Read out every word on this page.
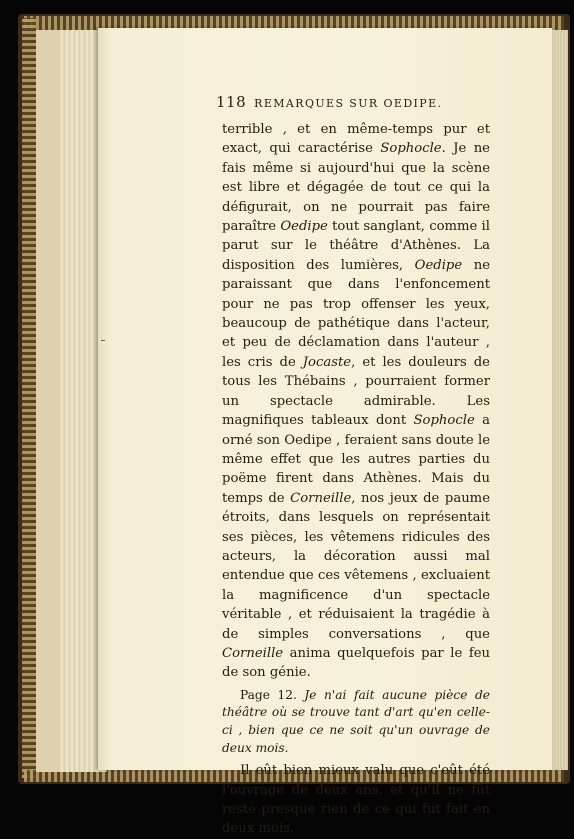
118 REMARQUES SUR OEDIPE.

terrible , et en même-temps pur et exact, qui caractérise Sophocle. Je ne fais même si aujourd'hui que la scène est libre et dégagée de tout ce qui la défigurait, on ne pourrait pas faire paraître Oedipe tout sanglant, comme il parut sur le théâtre d'Athènes. La disposition des lumières, Oedipe ne paraissant que dans l'enfoncement pour ne pas trop offenser les yeux, beaucoup de pathétique dans l'acteur, et peu de déclamation dans l'auteur , les cris de Jocaste, et les douleurs de tous les Thébains , pourraient former un spectacle admirable. Les magnifiques tableaux dont Sophocle a orné son Oedipe , feraient sans doute le même effet que les autres parties du poëme firent dans Athènes. Mais du temps de Corneille, nos jeux de paume étroits, dans lesquels on représentait ses pièces, les vêtemens ridicules des acteurs, la décoration aussi mal entendue que ces vêtemens , excluaient la magnificence d'un spectacle véritable , et réduisaient la tragédie à de simples conversations , que Corneille anima quelquefois par le feu de son génie.

Page 12. Je n'ai fait aucune pièce de théâtre où se trouve tant d'art qu'en celle-ci , bien que ce ne soit qu'un ouvrage de deux mois.

Il eût bien mieux valu que c'eût été l'ouvrage de deux ans, et qu'il ne fût resté presque rien de ce qui fut fait en deux mois.
